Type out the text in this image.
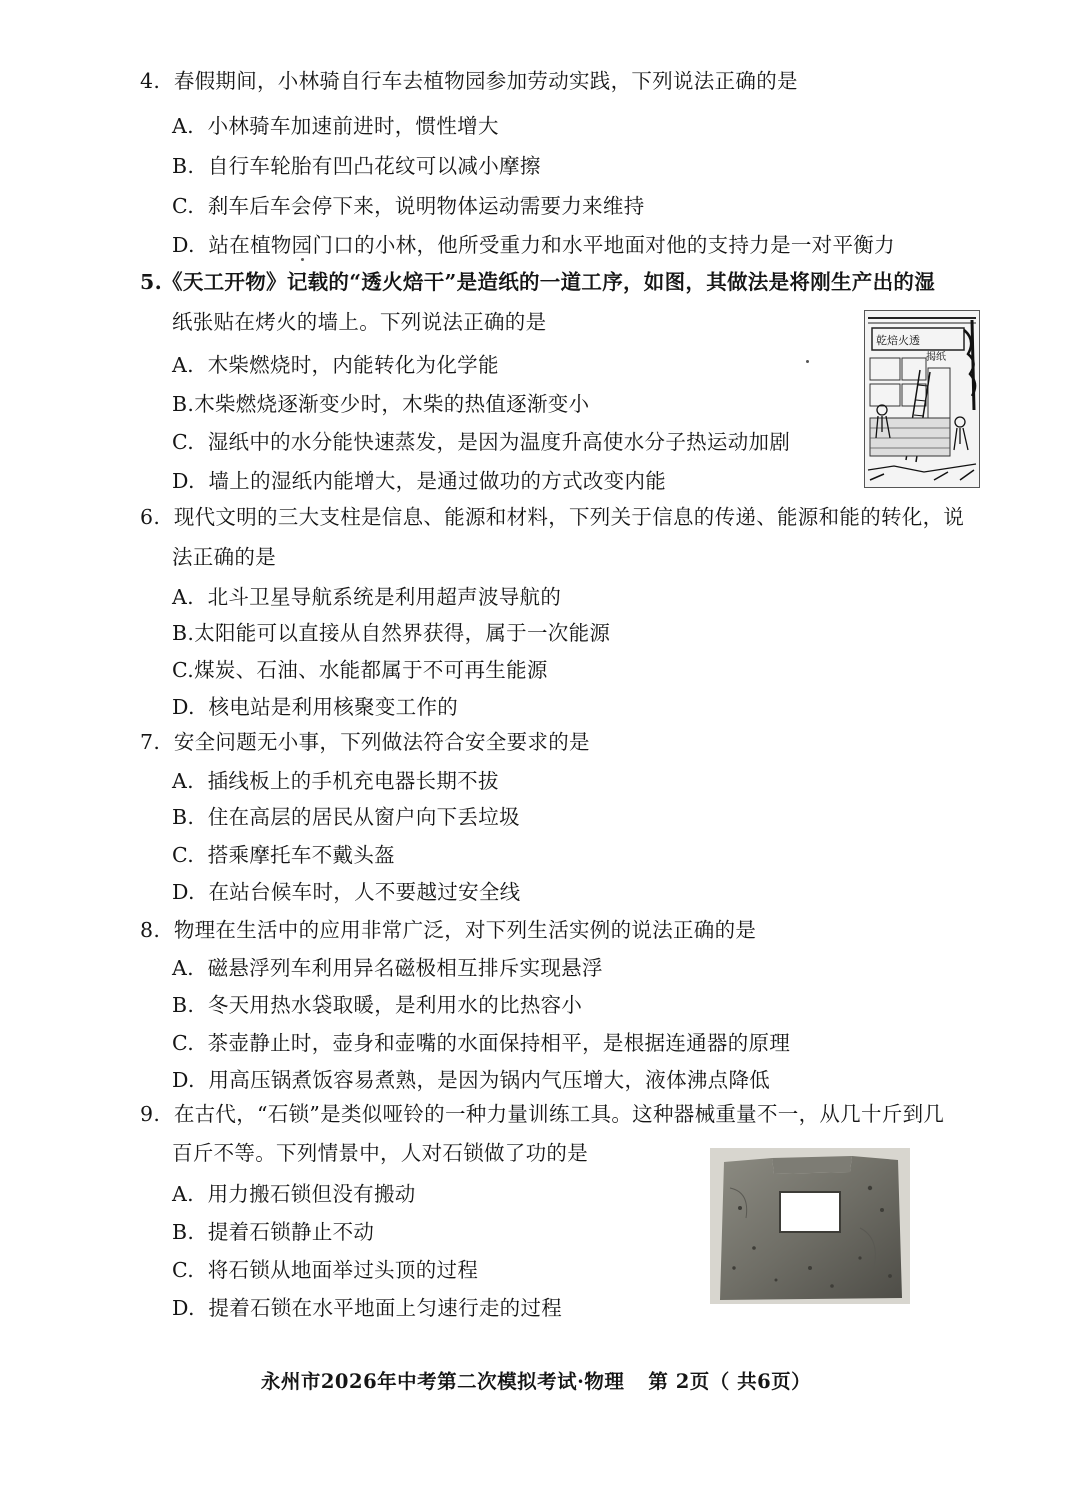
4. 春假期间，小林骑自行车去植物园参加劳动实践，下列说法正确的是
A. 小林骑车加速前进时，惯性增大
B. 自行车轮胎有凹凸花纹可以减小摩擦
C. 刹车后车会停下来，说明物体运动需要力来维持
D. 站在植物园门口的小林，他所受重力和水平地面对他的支持力是一对平衡力
5.《天工开物》记载的“透火焙干”是造纸的一道工序，如图，其做法是将刚生产出的湿
纸张贴在烤火的墙上。下列说法正确的是
A. 木柴燃烧时，内能转化为化学能
B.木柴燃烧逐渐变少时，木柴的热值逐渐变小
C. 湿纸中的水分能快速蒸发，是因为温度升高使水分子热运动加剧
D. 墙上的湿纸内能增大，是通过做功的方式改变内能
乾焙火透
揭纸
6. 现代文明的三大支柱是信息、能源和材料，下列关于信息的传递、能源和能的转化，说
法正确的是
A. 北斗卫星导航系统是利用超声波导航的
B.太阳能可以直接从自然界获得，属于一次能源
C.煤炭、石油、水能都属于不可再生能源
D. 核电站是利用核聚变工作的
7. 安全问题无小事，下列做法符合安全要求的是
A. 插线板上的手机充电器长期不拔
B. 住在高层的居民从窗户向下丢垃圾
C. 搭乘摩托车不戴头盔
D. 在站台候车时，人不要越过安全线
8. 物理在生活中的应用非常广泛，对下列生活实例的说法正确的是
A. 磁悬浮列车利用异名磁极相互排斥实现悬浮
B. 冬天用热水袋取暖，是利用水的比热容小
C. 茶壶静止时，壶身和壶嘴的水面保持相平，是根据连通器的原理
D. 用高压锅煮饭容易煮熟，是因为锅内气压增大，液体沸点降低
9. 在古代，“石锁”是类似哑铃的一种力量训练工具。这种器械重量不一，从几十斤到几
百斤不等。下列情景中，人对石锁做了功的是
A. 用力搬石锁但没有搬动
B. 提着石锁静止不动
C. 将石锁从地面举过头顶的过程
D. 提着石锁在水平地面上匀速行走的过程
永州市2026年中考第二次模拟考试·物理 第 2页（ 共6页）
